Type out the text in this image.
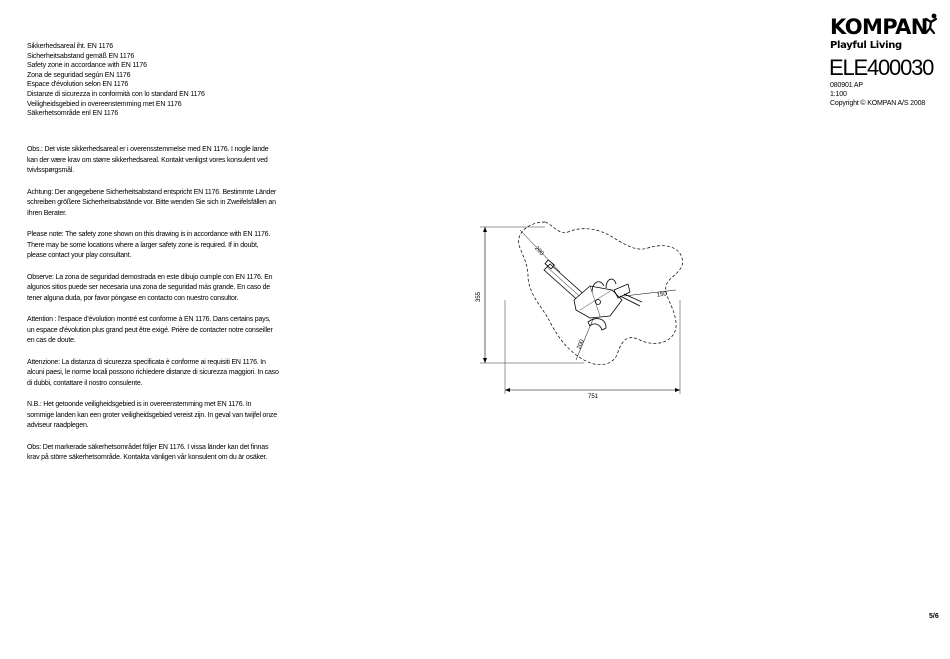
Sikkerhedsareal iht. EN 1176
Sicherheitsabstand gemäß EN 1176
Safety zone in accordance with EN 1176
Zona de seguridad según EN 1176
Espace d'évolution selon EN 1176
Distanze di sicurezza in conformità con lo standard EN 1176
Veiligheidsgebied in overeenstemming met EN 1176
Säkerhetsområde enl EN 1176

Obs.: Det viste sikkerhedsareal er i overensstemmelse med EN 1176. I nogle lande kan der være krav om større sikkerhedsareal. Kontakt venligst vores konsulent ved tvivlsspørgsmål.

Achtung: Der angegebene Sicherheitsabstand entspricht EN 1176. Bestimmte Länder schreiben größere Sicherheitsabstände vor. Bitte wenden Sie sich in Zweifelsfällen an Ihren Berater.

Please note: The safety zone shown on this drawing is in accordance with EN 1176. There may be some locations where a larger safety zone is required. If in doubt, please contact your play consultant.

Observe: La zona de seguridad demostrada en este dibujo cumple con EN 1176. En algunos sitios puede ser necesaria una zona de seguridad más grande. En caso de tener alguna duda, por favor póngase en contacto con nuestro consultor.

Attention : l'espace d'évolution montré est conforme à EN 1176. Dans certains pays, un espace d'évolution plus grand peut être exigé. Prière de contacter notre conseiller en cas de doute.

Attenzione: La distanza di sicurezza specificata è conforme ai requisiti EN 1176. In alcuni paesi, le norme locali possono richiedere distanze di sicurezza maggiori. In caso di dubbi, contattare il nostro consulente.

N.B.: Het getoonde veiligheidsgebied is in overeenstemming met EN 1176. In sommige landen kan een groter veiligheidsgebied vereist zijn. In geval van twijfel onze adviseur raadplegen.

Obs: Det markerade säkerhetsområdet följer EN 1176. I vissa länder kan det finnas krav på större säkerhetsområde. Kontakta vänligen vår konsulent om du är osäker.

KOMPAN
Playful Living
ELE400030
080901 AP
1:100
Copyright © KOMPAN A/S 2008
355
751
200
150
200
5/6
